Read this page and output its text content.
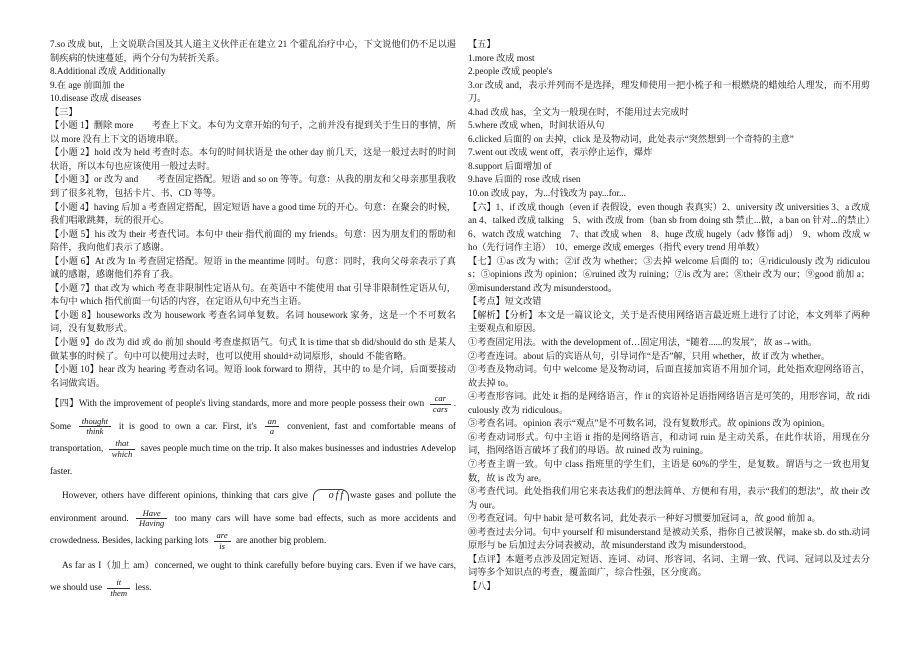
7.so 改成 but，上文说联合国及其人道主义伙伴正在建立 21 个霍乱治疗中心，下文说他们仍不足以遏制疾病的快速蔓延，两个分句为转折关系。

8.Additional 改成 Additionally

9.在 age 前面加 the

10.disease 改成 diseases

【三】

【小题 1】删除 more　　考查上下文。本句为文章开始的句子，之前并没有提到关于生日的事情，所以 more 没有上下文的语境串联。

【小题 2】hold 改为 held 考查时态。本句的时间状语是 the other day 前几天，这是一般过去时的时间状语，所以本句也应该使用一般过去时。

【小题 3】or 改为 and　　考查固定搭配。短语 and so on 等等。句意：从我的朋友和父母亲那里我收到了很多礼物，包括卡片、书、CD 等等。

【小题 4】having 后加 a 考查固定搭配，固定短语 have a good time 玩的开心。句意：在聚会的时候，我们唱歌跳舞，玩的很开心。

【小题 5】his 改为 their 考查代词。本句中 their 指代前面的 my friends。句意：因为朋友们的帮助和陪伴，我向他们表示了感谢。

【小题 6】At 改为 In 考查固定搭配。短语 in the meantime 同时。句意：同时，我向父母亲表示了真诚的感谢，感谢他们养育了我。

【小题 7】that 改为 which 考查非限制性定语从句。在英语中不能使用 that 引导非限制性定语从句，本句中 which 指代前面一句话的内容，在定语从句中充当主语。

【小题 8】houseworks 改为 housework 考查名词单复数。名词 housework 家务，这是一个不可数名词，没有复数形式。

【小题 9】do 改为 did 或 do 前加 should 考查虚拟语气。句式 It is time that sb did/should do sth 是某人做某事的时候了。句中可以使用过去时，也可以使用 should+动词原形，should 不能省略。

【小题 10】hear 改为 hearing 考查动名词。短语 look forward to 期待，其中的 to 是介词，后面要接动名词做宾语。

【四】With the improvement of people's living standards, more and more people possess their own
car
cars
. Some
thought
think
it is good to own a car. First, $it's \frac{an}{a}$ convenient, fast and comfortable means of transportation,
that
which
saves people much time on the trip. It also makes businesses and industries ∧develop faster.

However, others have different opinions, thinking that cars give off waste gases and pollute the environment around.
Have
Having
too many cars will have some bad effects, such as more accidents and crowdedness. Besides, lacking parking lots
are
is
are another big problem.

As far as I（加上 am）concerned, we ought to think carefully before buying cars. Even if we have cars, we should use
it
them
less.

【五】

1.more 改成 most

2.people 改成 people's

3.or 改成 and，表示并列而不是选择，理发师使用一把小梳子和一根燃烧的蜡烛给人理发，而不用剪刀。

4.had 改成 has，全文为一般现在时，不能用过去完成时

5.where 改成 when，时间状语从句

6.clicked 后面的 on 去掉，click 是及物动词，此处表示“突然想到一个奇特的主意”

7.went out 改成 went off，表示停止运作，爆炸

8.support 后面增加 of

9.have 后面的 rose 改成 risen

10.on 改成 pay，为...付钱改为 pay...for...

【六】1、if 改成 though（even if 表假设，even though 表真实）2、university 改 universities 3、a 改成 an 4、talked 改成 talking　5、with 改成 from（ban sb from doing sth 禁止...做，a ban on 针对...的禁止）　6、watch 改成 watching　7、that 改成 when　8、huge 改成 hugely（adv 修饰 adj）　9、whom 改成 who（先行词作主语）　10、emerge 改成 emerges（指代 every trend 用单数）

【七】①as 改为 with；②if 改为 whether；③去掉 welcome 后面的 to；④ridiculously 改为 ridiculous；⑤opinions 改为 opinion；⑥ruined 改为 ruining；⑦is 改为 are；⑧their 改为 our；⑨good 前加 a；⑩misunderstand 改为 misunderstood。

【考点】短文改错

【解析】【分析】本文是一篇议论文，关于是否使用网络语言最近班上进行了讨论，本文列举了两种主要观点和原因。

①考查固定用法。with the development of…固定用法，“随着......的发展”，故 as→with。

②考查连词。about 后的宾语从句，引导词作“是否”解，只用 whether，故 if 改为 whether。

③考查及物动词。句中 welcome 是及物动词，后面直接加宾语不用加介词，此处指欢迎网络语言，故去掉 to。

④考查形容词。此处 it 指的是网络语言，作 it 的宾语补足语指网络语言是可笑的，用形容词，故 ridiculously 改为 ridiculous。

⑤考查名词。opinion 表示“观点”是不可数名词，没有复数形式。故 opinions 改为 opinion。

⑥考查动词形式。句中主语 it 指的是网络语言，和动词 ruin 是主动关系，在此作状语，用现在分词，指网络语言破坏了我们的母语。故 ruined 改为 ruining。

⑦考查主谓一致。句中 class 指班里的学生们，主语是 60%的学生，是复数。谓语与之一致也用复数，故 is 改为 are。

⑧考查代词。此处指我们用它来表达我们的想法简单、方便和有用，表示“我们的想法”，故 their 改为 our。

⑨考查冠词。句中 habit 是可数名词，此处表示一种好习惯要加冠词 a，故 good 前加 a。

⑩考查过去分词。句中 yourself 和 misunderstand 是被动关系，指你自己被误解，make sb. do sth.动词原形与 be 后加过去分词表被动，故 misunderstand 改为 misunderstood。

【点评】本题考点涉及固定短语、连词、动词、形容词、名词、主谓一致、代词、冠词以及过去分词等多个知识点的考查，覆盖面广，综合性强，区分度高。

【八】
